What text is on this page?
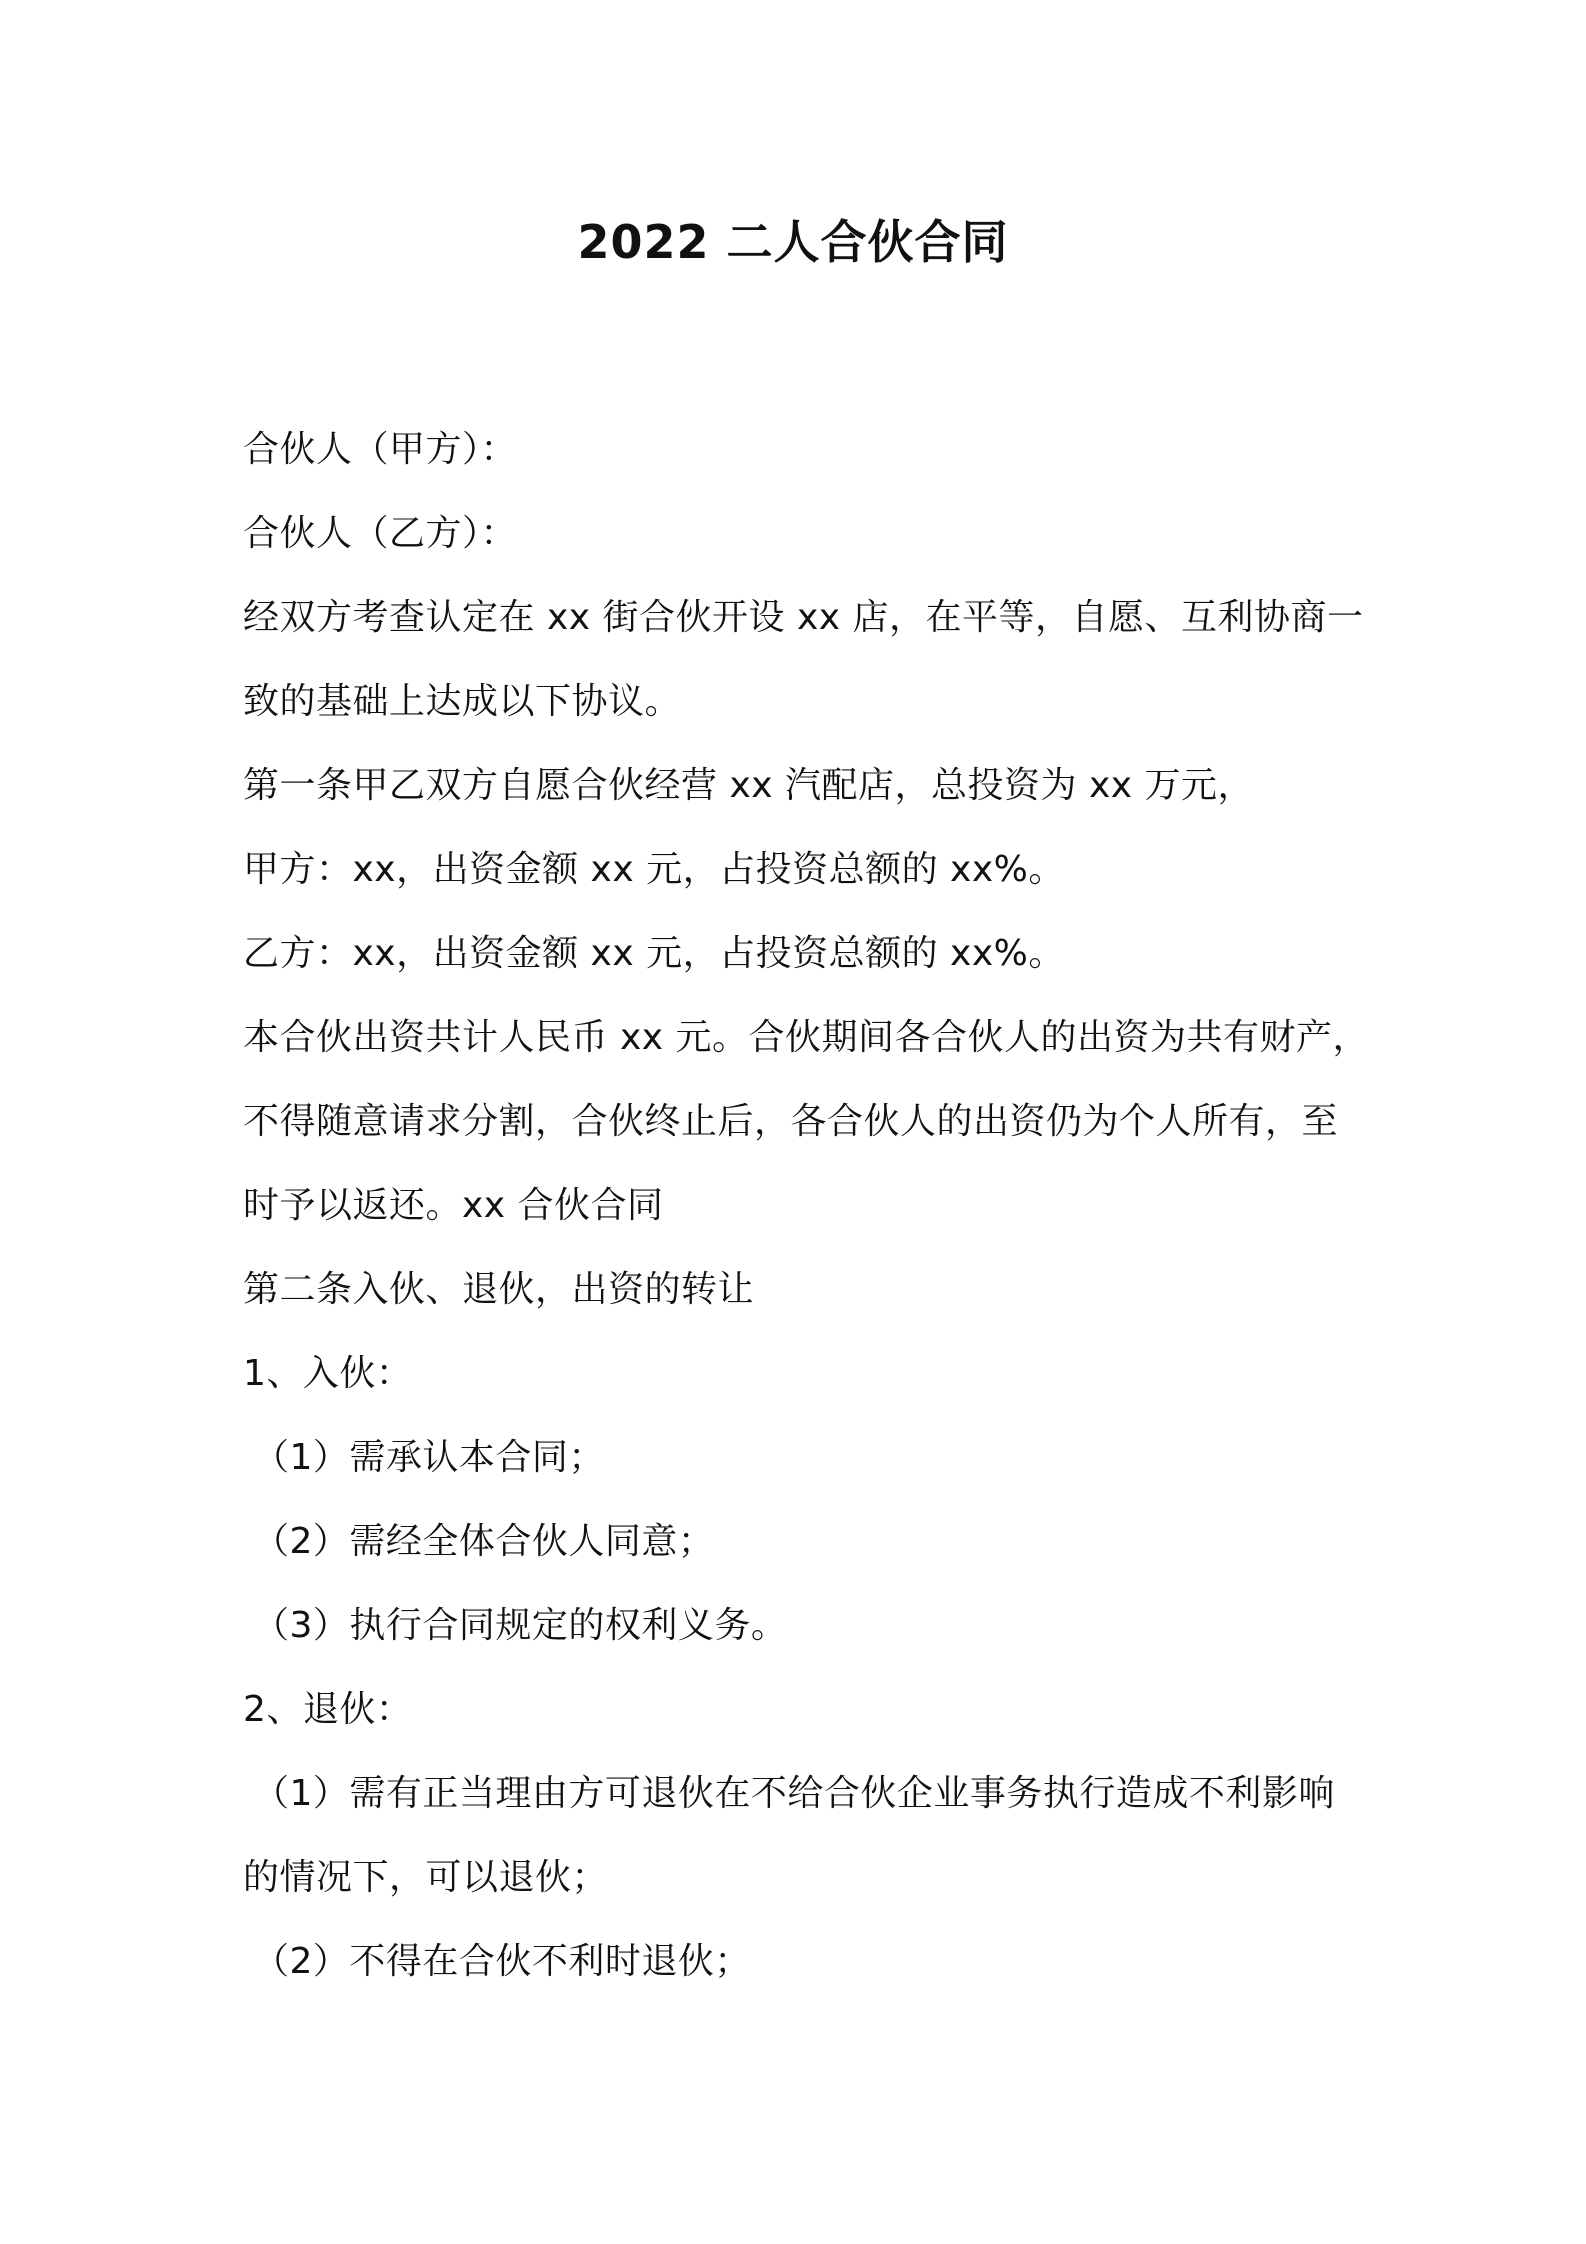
2022 二人合伙合同
合伙人（甲方）：
合伙人（乙方）：
经双方考查认定在 xx 街合伙开设 xx 店，在平等，自愿、互利协商一
致的基础上达成以下协议。
第一条甲乙双方自愿合伙经营 xx 汽配店，总投资为 xx 万元，
甲方：xx，出资金额 xx 元，占投资总额的 xx%。
乙方：xx，出资金额 xx 元，占投资总额的 xx%。
本合伙出资共计人民币 xx 元。合伙期间各合伙人的出资为共有财产，
不得随意请求分割，合伙终止后，各合伙人的出资仍为个人所有，至
时予以返还。xx 合伙合同
第二条入伙、退伙，出资的转让
1、入伙：
（1）需承认本合同；
（2）需经全体合伙人同意；
（3）执行合同规定的权利义务。
2、退伙：
（1）需有正当理由方可退伙在不给合伙企业事务执行造成不利影响
的情况下，可以退伙；
（2）不得在合伙不利时退伙；
